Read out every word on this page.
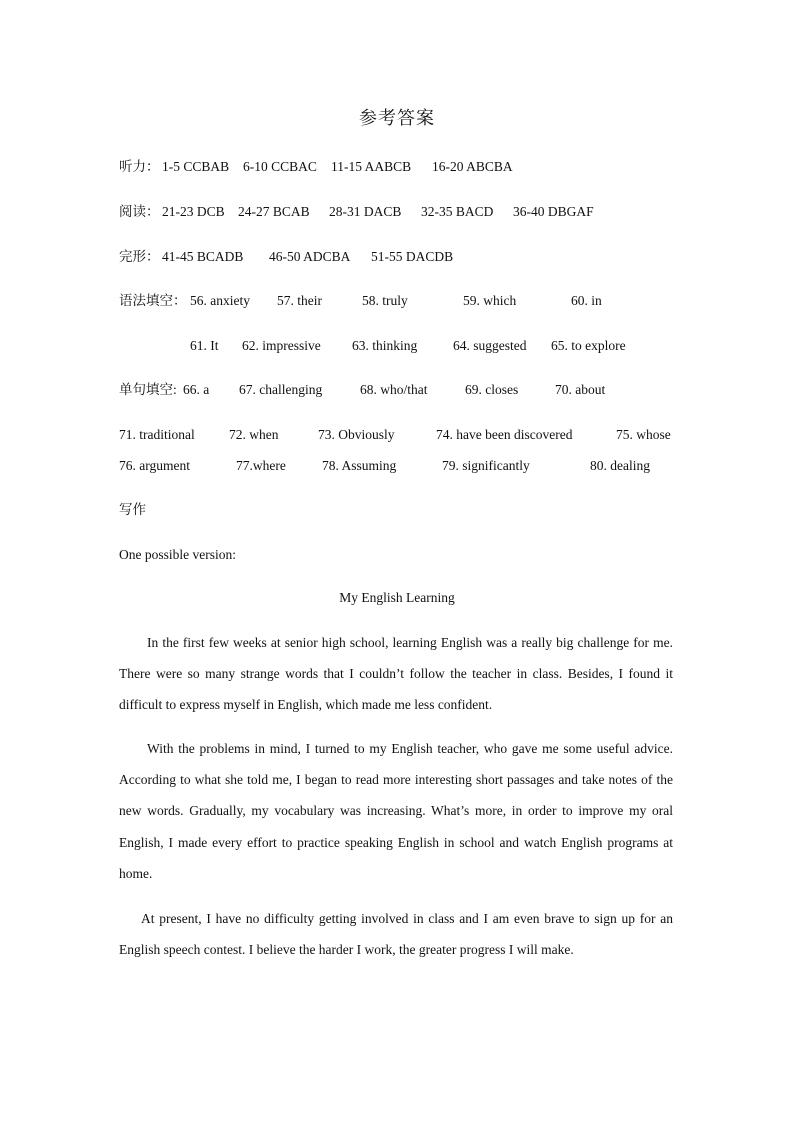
参考答案
听力： 1-5 CCBAB 6-10 CCBAC 11-15 AABCB 16-20 ABCBA
阅读： 21-23 DCB 24-27 BCAB 28-31 DACB 32-35 BACD 36-40 DBGAF
完形： 41-45 BCADB 46-50 ADCBA 51-55 DACDB
语法填空： 56. anxiety 57. their	58. truly	59. which	60. in
61. It 62. impressive 63. thinking	64. suggested 65. to explore
单句填空: 66. a 67. challenging	68. who/that	69. closes	70. about
71. traditional	72. when	73. Obviously	74. have been discovered	75. whose
76. argument	77.where	78. Assuming	79. significantly	80. dealing
写作
One possible version:
My English Learning
In the first few weeks at senior high school, learning English was a really big challenge for me. There were so many strange words that I couldn’t follow the teacher in class. Besides, I found it difficult to express myself in English, which made me less confident.
With the problems in mind, I turned to my English teacher, who gave me some useful advice. According to what she told me, I began to read more interesting short passages and take notes of the new words. Gradually, my vocabulary was increasing. What’s more, in order to improve my oral English, I made every effort to practice speaking English in school and watch English programs at home.
At present, I have no difficulty getting involved in class and I am even brave to sign up for an English speech contest. I believe the harder I work, the greater progress I will make.
